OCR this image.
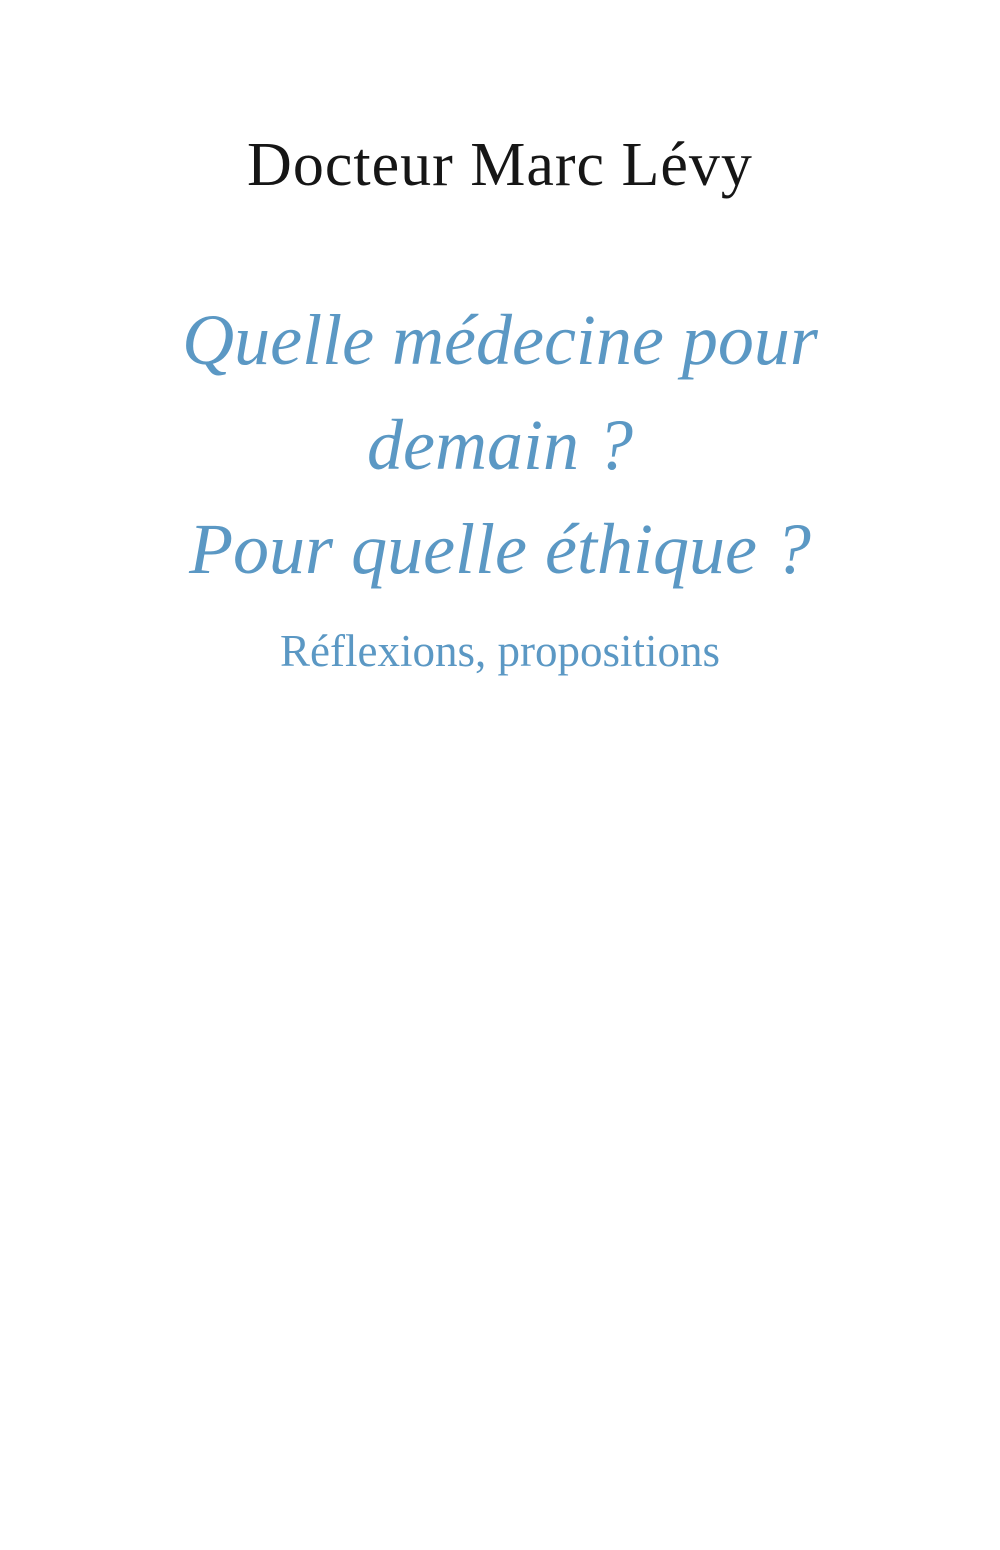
Docteur Marc Lévy
Quelle médecine pour
demain ?
Pour quelle éthique ?
Réflexions, propositions
